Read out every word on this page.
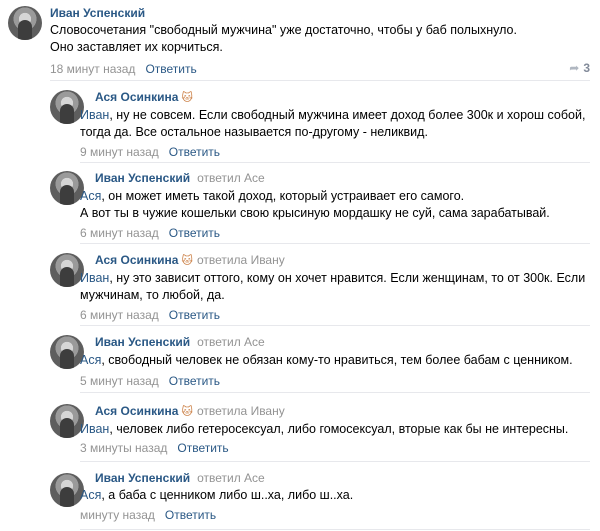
Иван Успенский
Словосочетания "свободный мужчина" уже достаточно, чтобы у баб полыхнуло.
Оно заставляет их корчиться.
18 минут назад Ответить	➦ 3
Ася Осинкина 🐱
Иван, ну не совсем. Если свободный мужчина имеет доход более 300к и хорош собой,
тогда да. Все остальное называется по-другому - неликвид.
9 минут назад Ответить
Иван Успенский ответил Асе
Ася, он может иметь такой доход, который устраивает его самого.
А вот ты в чужие кошельки свою крысиную мордашку не суй, сама зарабатывай.
6 минут назад Ответить
Ася Осинкина 🐱 ответила Ивану
Иван, ну это зависит оттого, кому он хочет нравится. Если женщинам, то от 300к. Если
мужчинам, то любой, да.
6 минут назад Ответить
Иван Успенский ответил Асе
Ася, свободный человек не обязан кому-то нравиться, тем более бабам с ценником.
5 минут назад Ответить
Ася Осинкина 🐱 ответила Ивану
Иван, человек либо гетеросексуал, либо гомосексуал, вторые как бы не интересны.
3 минуты назад Ответить
Иван Успенский ответил Асе
Ася, а баба с ценником либо ш..ха, либо ш..ха.
минуту назад Ответить
